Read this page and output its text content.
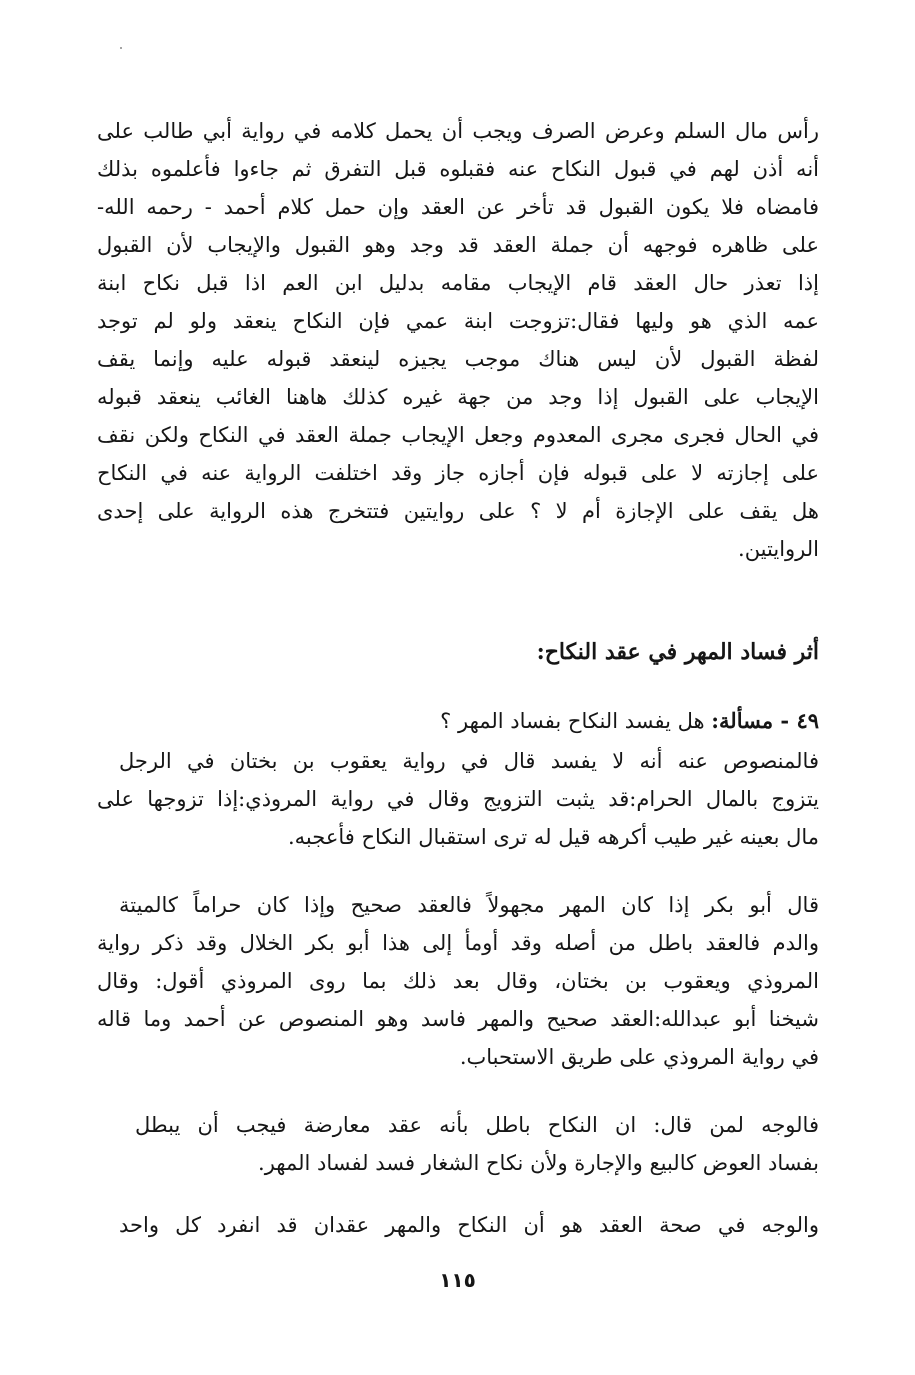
رأس مال السلم وعرض الصرف ويجب أن يحمل كلامه في رواية أبي طالب على
أنه أذن لهم في قبول النكاح عنه فقبلوه قبل التفرق ثم جاءوا فأعلموه بذلك
فامضاه فلا يكون القبول قد تأخر عن العقد وإن حمل كلام أحمد - رحمه الله-
على ظاهره فوجهه أن جملة العقد قد وجد وهو القبول والإيجاب لأن القبول
إذا تعذر حال العقد قام الإيجاب مقامه بدليل ابن العم اذا قبل نكاح ابنة
عمه الذي هو وليها فقال:تزوجت ابنة عمي فإن النكاح ينعقد ولو لم توجد
لفظة القبول لأن ليس هناك موجب يجيزه لينعقد قبوله عليه وإنما يقف
الإيجاب على القبول إذا وجد من جهة غيره كذلك هاهنا الغائب ينعقد قبوله
في الحال فجرى مجرى المعدوم وجعل الإيجاب جملة العقد في النكاح ولكن نقف
على إجازته لا على قبوله فإن أجازه جاز وقد اختلفت الرواية عنه في النكاح
هل يقف على الإجازة أم لا ؟ على روايتين فتتخرج هذه الرواية على إحدى
الروايتين.
أثر فساد المهر في عقد النكاح:
٤٩ - مسألة: هل يفسد النكاح بفساد المهر ؟
فالمنصوص عنه أنه لا يفسد قال في رواية يعقوب بن بختان في الرجل
يتزوج بالمال الحرام:قد يثبت التزويج وقال في رواية المروذي:إذا تزوجها على
مال بعينه غير طيب أكرهه قيل له ترى استقبال النكاح فأعجبه.
قال أبو بكر إذا كان المهر مجهولاً فالعقد صحيح وإذا كان حراماً كالميتة
والدم فالعقد باطل من أصله وقد أومأ إلى هذا أبو بكر الخلال وقد ذكر رواية
المروذي ويعقوب بن بختان، وقال بعد ذلك بما روى المروذي أقول: وقال
شيخنا أبو عبدالله:العقد صحيح والمهر فاسد وهو المنصوص عن أحمد وما قاله
في رواية المروذي على طريق الاستحباب.
فالوجه لمن قال: ان النكاح باطل بأنه عقد معارضة فيجب أن يبطل
بفساد العوض كالبيع والإجارة ولأن نكاح الشغار فسد لفساد المهر.
والوجه في صحة العقد هو أن النكاح والمهر عقدان قد انفرد كل واحد
١١٥
